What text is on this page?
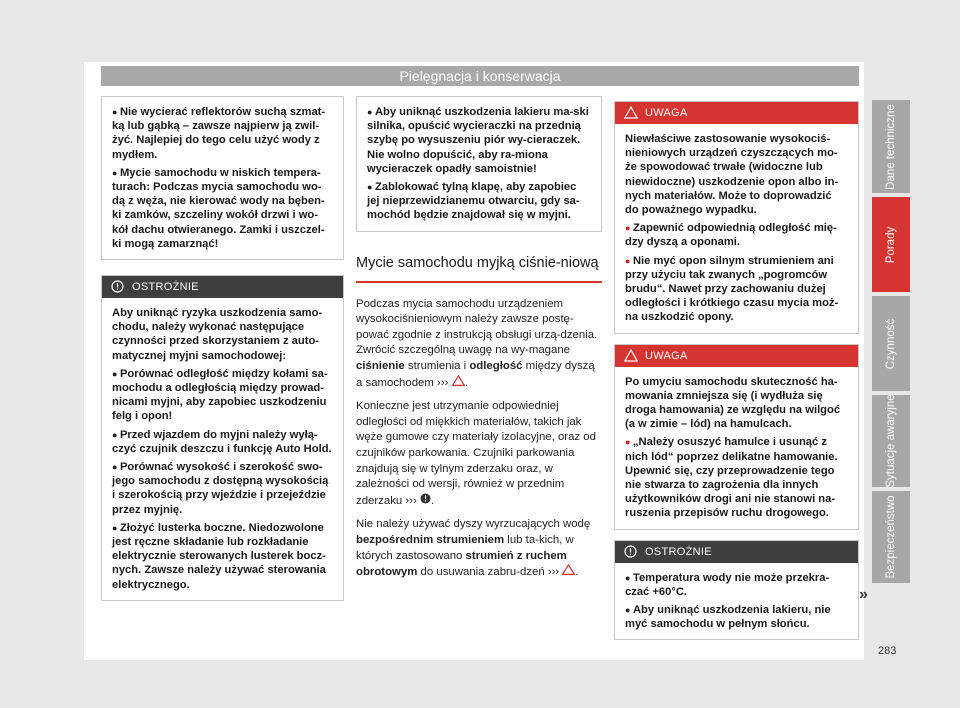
Pielęgnacja i konserwacja

● Nie wycierać reflektorów suchą szmat-ką lub gąbką – zawsze najpierw ją zwil-żyć. Najlepiej do tego celu użyć wody z mydłem.

● Mycie samochodu w niskich tempera-turach: Podczas mycia samochodu wo-dą z węża, nie kierować wody na bęben-ki zamków, szczeliny wokół drzwi i wo-kół dachu otwieranego. Zamki i uszczel-ki mogą zamarznąć!

OSTROŻNIE

Aby uniknąć ryzyka uszkodzenia samo-chodu, należy wykonać następujące czynności przed skorzystaniem z auto-matycznej myjni samochodowej:

● Porównać odległość między kołami sa-mochodu a odległością między prowad-nicami myjni, aby zapobiec uszkodzeniu felg i opon!

● Przed wjazdem do myjni należy wyłą-czyć czujnik deszczu i funkcję Auto Hold.

● Porównać wysokość i szerokość swo-jego samochodu z dostępną wysokością i szerokością przy wjeździe i przejeździe przez myjnię.

● Złożyć lusterka boczne. Niedozwolone jest ręczne składanie lub rozkładanie elektrycznie sterowanych lusterek bocz-nych. Zawsze należy używać sterowania elektrycznego.

● Aby uniknąć uszkodzenia lakieru ma-ski silnika, opuścić wycieraczki na przednią szybę po wysuszeniu piór wy-cieraczek. Nie wolno dopuścić, aby ra-miona wycieraczek opadły samoistnie!

● Zablokować tylną klapę, aby zapobiec jej nieprzewidzianemu otwarciu, gdy sa-mochód będzie znajdował się w myjni.

Mycie samochodu myjką ciśnie-niową

Podczas mycia samochodu urządzeniem wysokociśnieniowym należy zawsze postę-pować zgodnie z instrukcją obsługi urzą-dzenia. Zwrócić szczególną uwagę na wy-magane ciśnienie strumienia i odległość między dyszą a samochodem ››› .

Konieczne jest utrzymanie odpowiedniej odległości od miękkich materiałów, takich jak węże gumowe czy materiały izolacyjne, oraz od czujników parkowania. Czujniki parkowania znajdują się w tylnym zderzaku oraz, w zależności od wersji, również w przednim zderzaku ››› .

Nie należy używać dyszy wyrzucających wodę bezpośrednim strumieniem lub ta-kich, w których zastosowano strumień z ruchem obrotowym do usuwania zabru-dzeń ››› .

UWAGA

Niewłaściwe zastosowanie wysokociś-nieniowych urządzeń czyszczących mo-że spowodować trwałe (widoczne lub niewidoczne) uszkodzenie opon albo in-nych materiałów. Może to doprowadzić do poważnego wypadku.

● Zapewnić odpowiednią odległość mię-dzy dyszą a oponami.

● Nie myć opon silnym strumieniem ani przy użyciu tak zwanych „pogromców brudu“. Nawet przy zachowaniu dużej odległości i krótkiego czasu mycia moż-na uszkodzić opony.

UWAGA

Po umyciu samochodu skuteczność ha-mowania zmniejsza się (i wydłuża się droga hamowania) ze względu na wilgoć (a w zimie – lód) na hamulcach.

● „Należy osuszyć hamulce i usunąć z nich lód“ poprzez delikatne hamowanie. Upewnić się, czy przeprowadzenie tego nie stwarza to zagrożenia dla innych użytkowników drogi ani nie stanowi na-ruszenia przepisów ruchu drogowego.

OSTROŻNIE

● Temperatura wody nie może przekra-czać +60°C.

● Aby uniknąć uszkodzenia lakieru, nie myć samochodu w pełnym słońcu.

»
Dane techniczne
Porady
Czynność
Sytuacje awaryjne
Bezpieczeństwo
283
